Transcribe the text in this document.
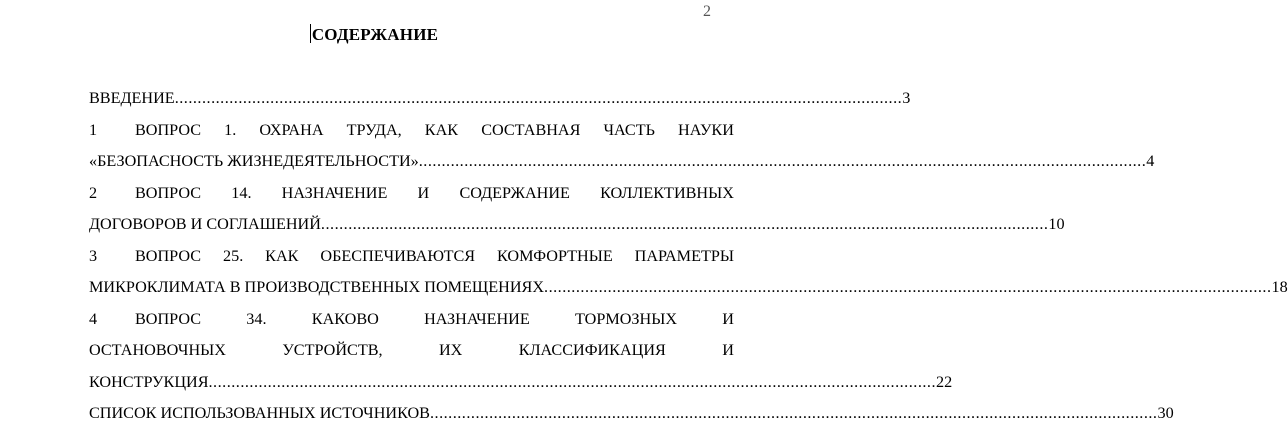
2
СОДЕРЖАНИЕ
ВВЕДЕНИЕ ................................................................................................................................................................ 3
1 ВОПРОС 1. ОХРАНА ТРУДА, КАК СОСТАВНАЯ ЧАСТЬ НАУКИ
«БЕЗОПАСНОСТЬ ЖИЗНЕДЕЯТЕЛЬНОСТИ» ................................................................................................................................................................ 4
2 ВОПРОС 14. НАЗНАЧЕНИЕ И СОДЕРЖАНИЕ КОЛЛЕКТИВНЫХ
ДОГОВОРОВ И СОГЛАШЕНИЙ ................................................................................................................................................................ 10
3 ВОПРОС 25. КАК ОБЕСПЕЧИВАЮТСЯ КОМФОРТНЫЕ ПАРАМЕТРЫ
МИКРОКЛИМАТА В ПРОИЗВОДСТВЕННЫХ ПОМЕЩЕНИЯХ ................................................................................................................................................................ 18
4 ВОПРОС	34.	КАКОВО	НАЗНАЧЕНИЕ	ТОРМОЗНЫХ	И
ОСТАНОВОЧНЫХ	УСТРОЙСТВ,	ИХ	КЛАССИФИКАЦИЯ	И
КОНСТРУКЦИЯ ................................................................................................................................................................ 22
СПИСОК ИСПОЛЬЗОВАННЫХ ИСТОЧНИКОВ ................................................................................................................................................................ 30
